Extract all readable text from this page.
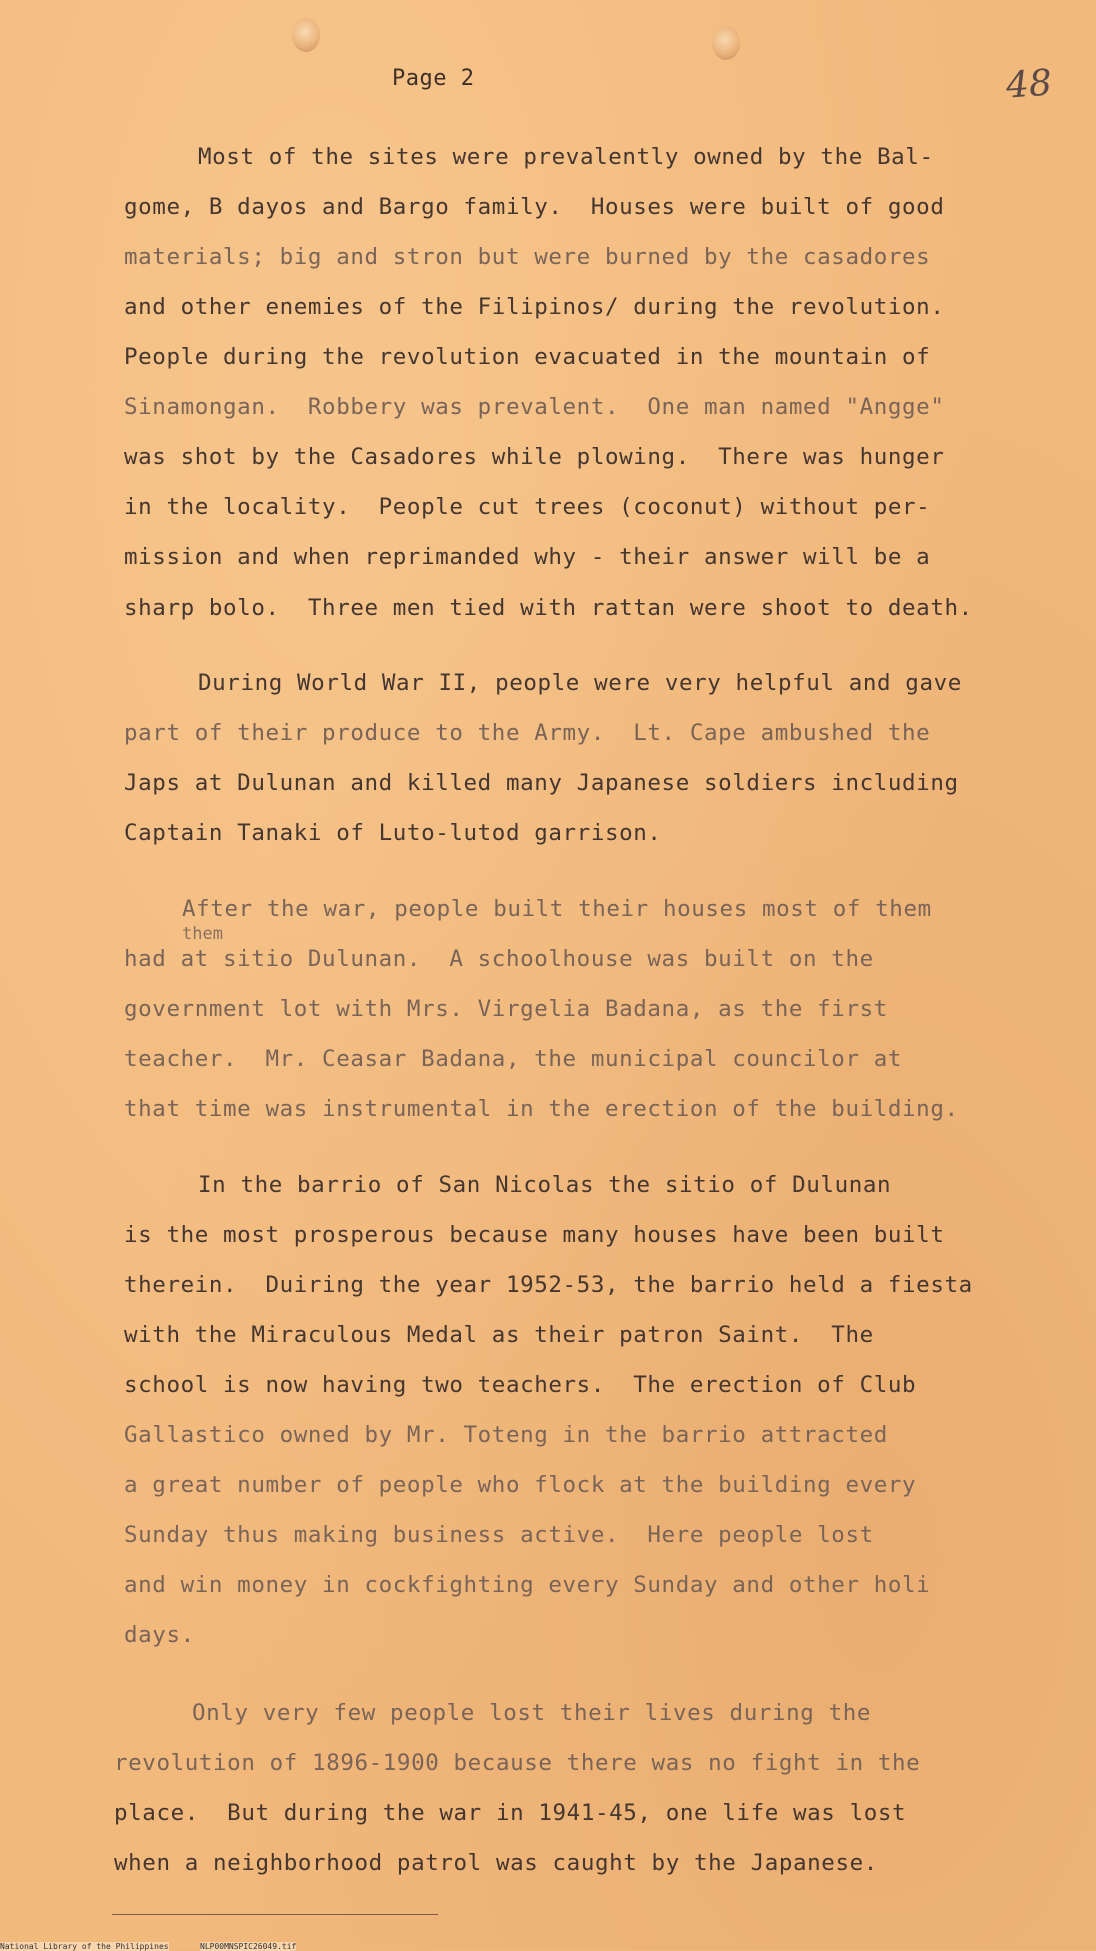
Page 2	48
Most of the sites were prevalently owned by the Bal-
gome, B dayos and Bargo family.  Houses were built of good
materials; big and stron but were burned by the casadores
and other enemies of the Filipinos/ during the revolution.
People during the revolution evacuated in the mountain of
Sinamongan.  Robbery was prevalent.  One man named "Angge"
was shot by the Casadores while plowing.  There was hunger
in the locality.  People cut trees (coconut) without per-
mission and when reprimanded why - their answer will be a
sharp bolo.  Three men tied with rattan were shoot to death.
During World War II, people were very helpful and gave
part of their produce to the Army.  Lt. Cape ambushed the
Japs at Dulunan and killed many Japanese soldiers including
Captain Tanaki of Luto-lutod garrison.
After the war, people built their houses most of them
them
had at sitio Dulunan.  A schoolhouse was built on the
government lot with Mrs. Virgelia Badana, as the first
teacher.  Mr. Ceasar Badana, the municipal councilor at
that time was instrumental in the erection of the building.
In the barrio of San Nicolas the sitio of Dulunan
is the most prosperous because many houses have been built
therein.  Duiring the year 1952-53, the barrio held a fiesta
with the Miraculous Medal as their patron Saint.  The
school is now having two teachers.  The erection of Club
Gallastico owned by Mr. Toteng in the barrio attracted
a great number of people who flock at the building every
Sunday thus making business active.  Here people lost
and win money in cockfighting every Sunday and other holi
days.
Only very few people lost their lives during the
revolution of 1896-1900 because there was no fight in the
place.  But during the war in 1941-45, one life was lost
when a neighborhood patrol was caught by the Japanese.
National Library of the Philippines	NLP00MNSPIC26049.tif
